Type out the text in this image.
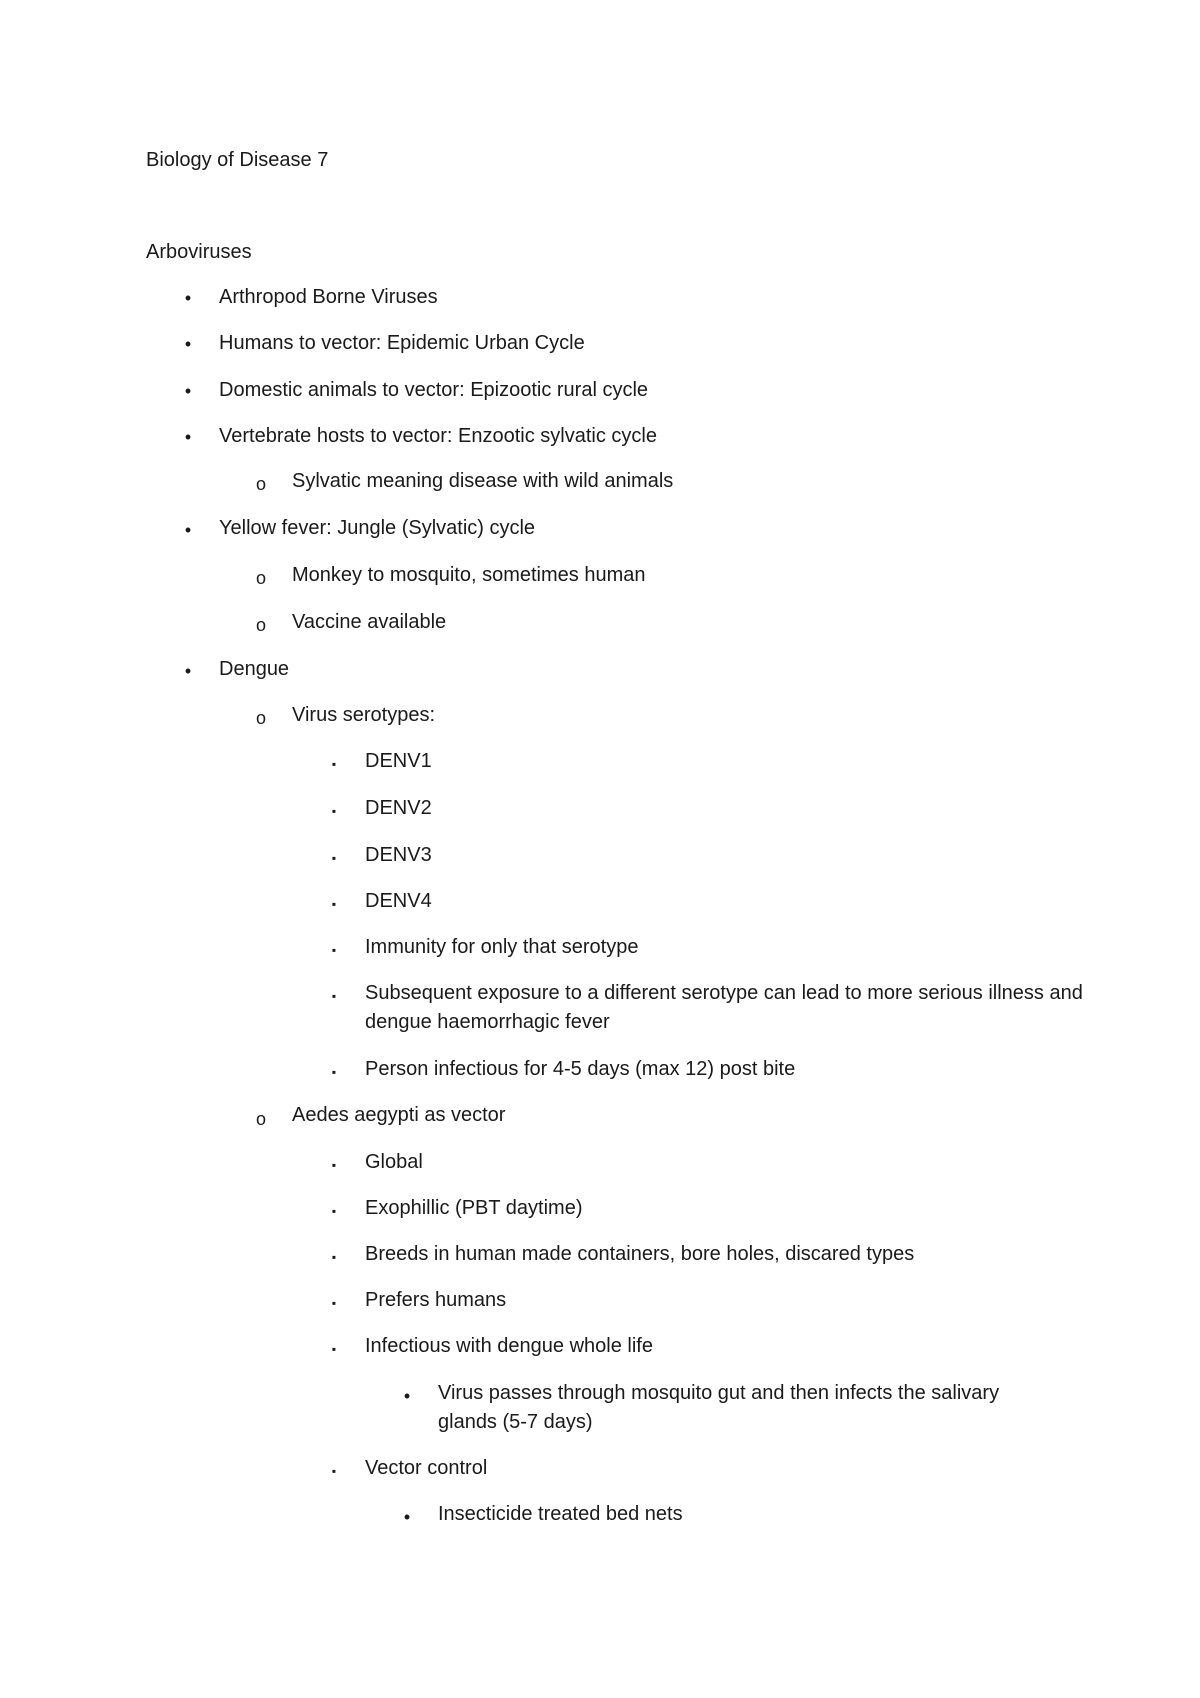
Biology of Disease 7
Arboviruses
•	Arthropod Borne Viruses
•	Humans to vector: Epidemic Urban Cycle
•	Domestic animals to vector: Epizootic rural cycle
•	Vertebrate hosts to vector: Enzootic sylvatic cycle
o Sylvatic meaning disease with wild animals
•	Yellow fever: Jungle (Sylvatic) cycle
o Monkey to mosquito, sometimes human
o Vaccine available
•	Dengue
o Virus serotypes:
▪	DENV1
▪	DENV2
▪	DENV3
▪	DENV4
▪	Immunity for only that serotype
▪	Subsequent exposure to a different serotype can lead to more serious illness and dengue haemorrhagic fever
▪	Person infectious for 4-5 days (max 12) post bite
o Aedes aegypti as vector
▪	Global
▪	Exophillic (PBT daytime)
▪	Breeds in human made containers, bore holes, discared types
▪	Prefers humans
▪	Infectious with dengue whole life
•	Virus passes through mosquito gut and then infects the salivary glands (5-7 days)
▪	Vector control
•	Insecticide treated bed nets
